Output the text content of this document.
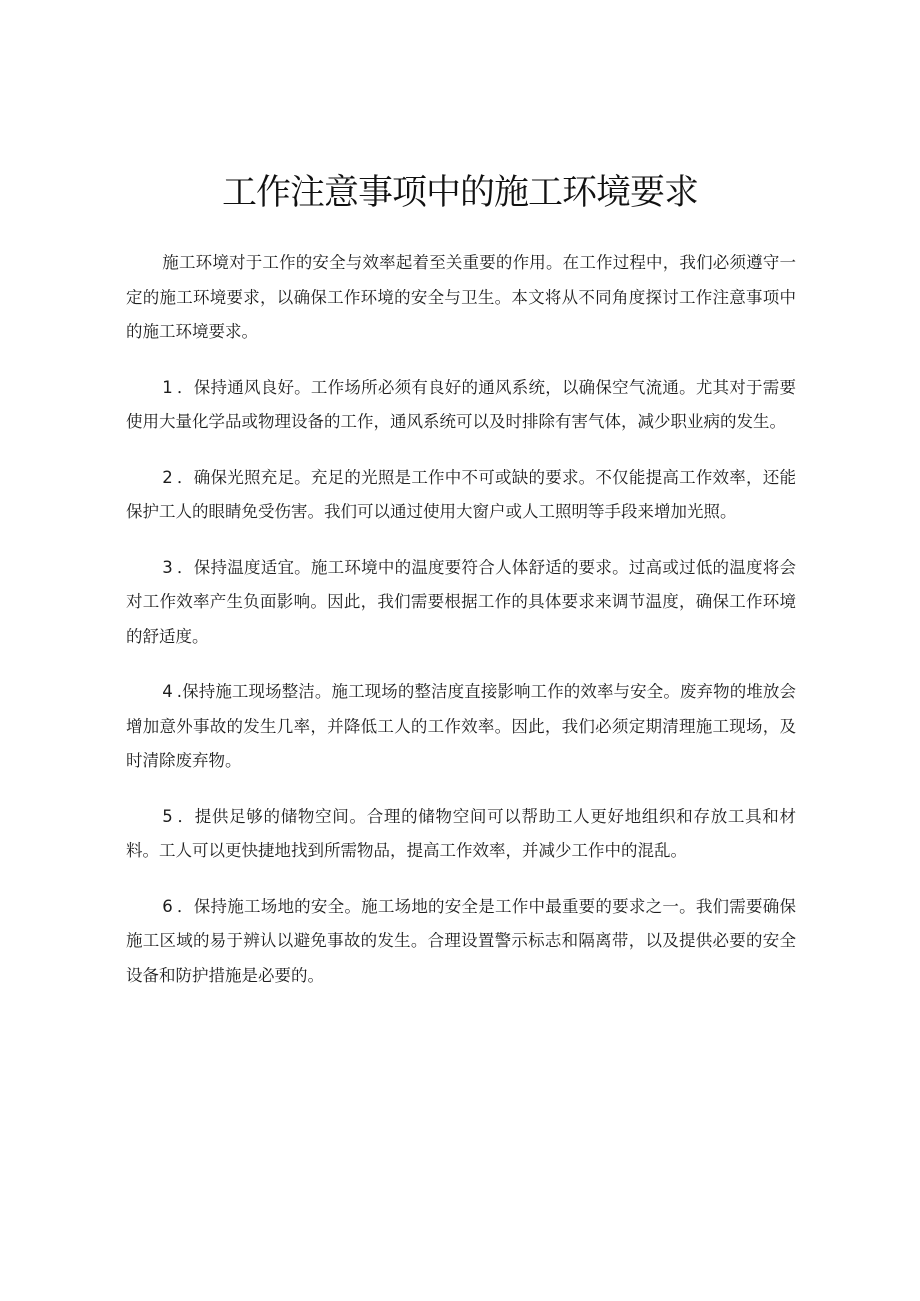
工作注意事项中的施工环境要求

施工环境对于工作的安全与效率起着至关重要的作用。在工作过程中，我们必须遵守一定的施工环境要求，以确保工作环境的安全与卫生。本文将从不同角度探讨工作注意事项中的施工环境要求。

1 ．保持通风良好。工作场所必须有良好的通风系统，以确保空气流通。尤其对于需要使用大量化学品或物理设备的工作，通风系统可以及时排除有害气体，减少职业病的发生。

2 ．确保光照充足。充足的光照是工作中不可或缺的要求。不仅能提高工作效率，还能保护工人的眼睛免受伤害。我们可以通过使用大窗户或人工照明等手段来增加光照。

3 ．保持温度适宜。施工环境中的温度要符合人体舒适的要求。过高或过低的温度将会对工作效率产生负面影响。因此，我们需要根据工作的具体要求来调节温度，确保工作环境的舒适度。

4 .保持施工现场整洁。施工现场的整洁度直接影响工作的效率与安全。废弃物的堆放会增加意外事故的发生几率，并降低工人的工作效率。因此，我们必须定期清理施工现场，及时清除废弃物。

5 ．提供足够的储物空间。合理的储物空间可以帮助工人更好地组织和存放工具和材料。工人可以更快捷地找到所需物品，提高工作效率，并减少工作中的混乱。

6 ．保持施工场地的安全。施工场地的安全是工作中最重要的要求之一。我们需要确保施工区域的易于辨认以避免事故的发生。合理设置警示标志和隔离带，以及提供必要的安全设备和防护措施是必要的。
